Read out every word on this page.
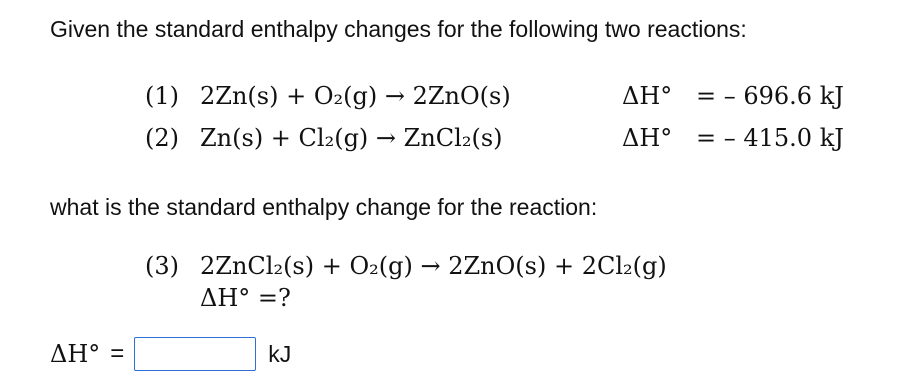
Given the standard enthalpy changes for the following two reactions:
(1) 2Zn(s) + O₂(g) → 2ZnO(s)	ΔH° = – 696.6 kJ
(2) Zn(s) + Cl₂(g) → ZnCl₂(s)	ΔH° = – 415.0 kJ
what is the standard enthalpy change for the reaction:
(3) 2ZnCl₂(s) + O₂(g) → 2ZnO(s) + 2Cl₂(g)
ΔH° =?
ΔH° =	kJ
